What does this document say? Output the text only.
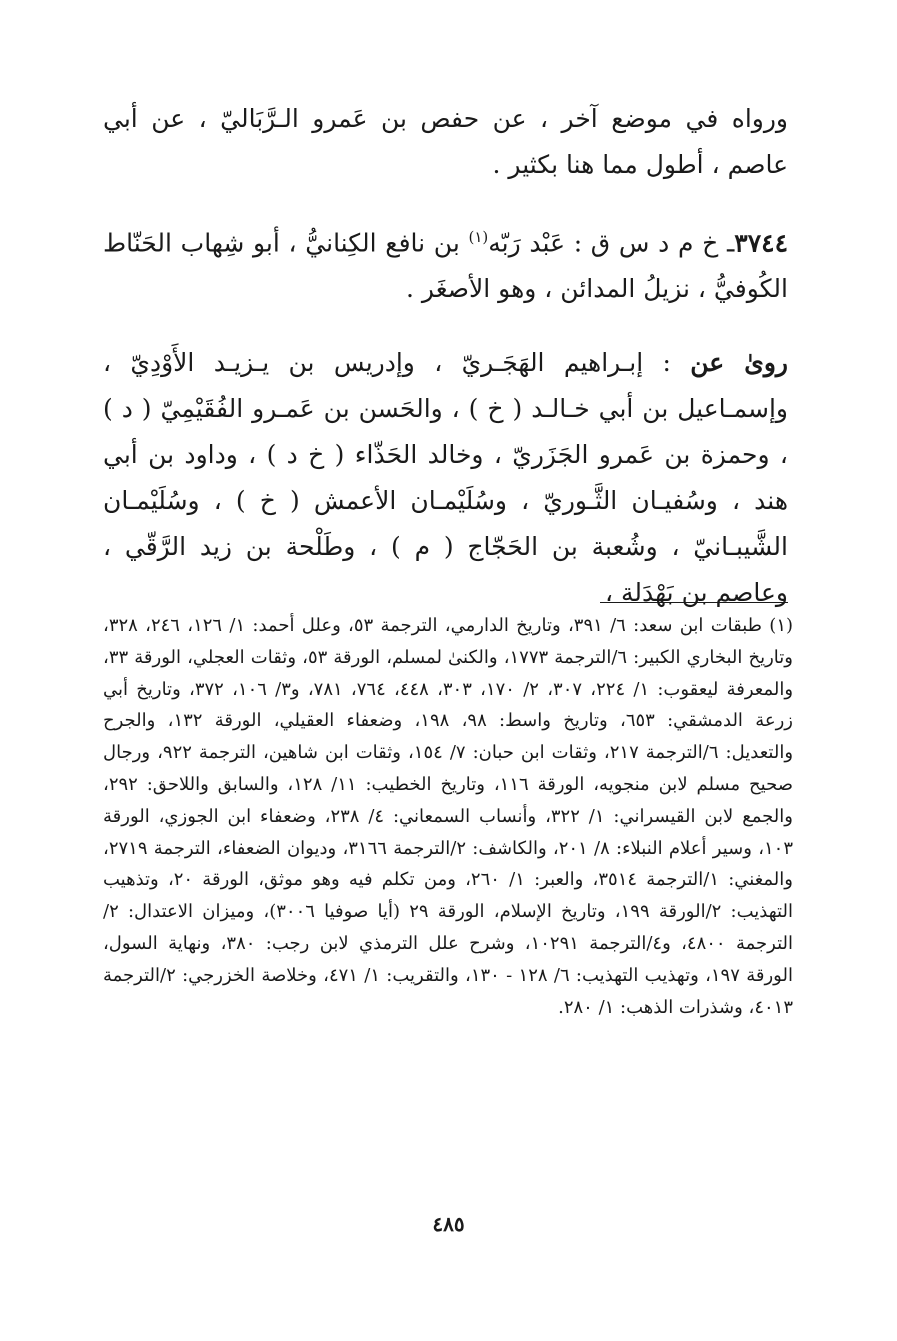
ورواه في موضع آخر ، عن حفص بن عَمرو الـرَّبَاليّ ، عن أبي عاصم ، أطول مما هنا بكثير .

٣٧٤٤ـ خ م د س ق : عَبْد رَبّه$^{(١)}$ بن نافع الكِنانيُّ ، أبو شِهاب الحَنّاط الكُوفيُّ ، نزيلُ المدائن ، وهو الأصغَر .

روىٰ عن : إبـراهيم الهَجَـريّ ، وإدريس بن يـزيـد الأَوْدِيّ ، وإسمـاعيل بن أبي خـالـد ( خ ) ، والحَسن بن عَمـرو الفُقَيْمِيّ ( د ) ، وحمزة بن عَمرو الجَزَريّ ، وخالد الحَذّاء ( خ د ) ، وداود بن أبي هند ، وسُفيـان الثَّـوريّ ، وسُلَيْمـان الأعمش ( خ ) ، وسُلَيْمـان الشَّيبـانيّ ، وشُعبة بن الحَجّاج ( م ) ، وطَلْحة بن زيد الرَّقّي ، وعاصم بن بَهْدَلة ،

(١) طبقات ابن سعد: ٦/ ٣٩١، وتاريخ الدارمي، الترجمة ٥٣، وعلل أحمد: ١/ ١٢٦، ٢٤٦، ٣٢٨، وتاريخ البخاري الكبير: ٦/الترجمة ١٧٧٣، والكنىٰ لمسلم، الورقة ٥٣، وثقات العجلي، الورقة ٣٣، والمعرفة ليعقوب: ١/ ٢٢٤، ٣٠٧، ٢/ ١٧٠، ٣٠٣، ٤٤٨، ٧٦٤، ٧٨١، و٣/ ١٠٦، ٣٧٢، وتاريخ أبي زرعة الدمشقي: ٦٥٣، وتاريخ واسط: ٩٨، ١٩٨، وضعفاء العقيلي، الورقة ١٣٢، والجرح والتعديل: ٦/الترجمة ٢١٧، وثقات ابن حبان: ٧/ ١٥٤، وثقات ابن شاهين، الترجمة ٩٢٢، ورجال صحيح مسلم لابن منجويه، الورقة ١١٦، وتاريخ الخطيب: ١١/ ١٢٨، والسابق واللاحق: ٢٩٢، والجمع لابن القيسراني: ١/ ٣٢٢، وأنساب السمعاني: ٤/ ٢٣٨، وضعفاء ابن الجوزي، الورقة ١٠٣، وسير أعلام النبلاء: ٨/ ٢٠١، والكاشف: ٢/الترجمة ٣١٦٦، وديوان الضعفاء، الترجمة ٢٧١٩، والمغني: ١/الترجمة ٣٥١٤، والعبر: ١/ ٢٦٠، ومن تكلم فيه وهو موثق، الورقة ٢٠، وتذهيب التهذيب: ٢/الورقة ١٩٩، وتاريخ الإسلام، الورقة ٢٩ (أيا صوفيا ٣٠٠٦)، وميزان الاعتدال: ٢/الترجمة ٤٨٠٠، و٤/الترجمة ١٠٢٩١، وشرح علل الترمذي لابن رجب: ٣٨٠، ونهاية السول، الورقة ١٩٧، وتهذيب التهذيب: ٦/ ١٢٨ - ١٣٠، والتقريب: ١/ ٤٧١، وخلاصة الخزرجي: ٢/الترجمة ٤٠١٣، وشذرات الذهب: ١/ ٢٨٠.

٤٨٥
